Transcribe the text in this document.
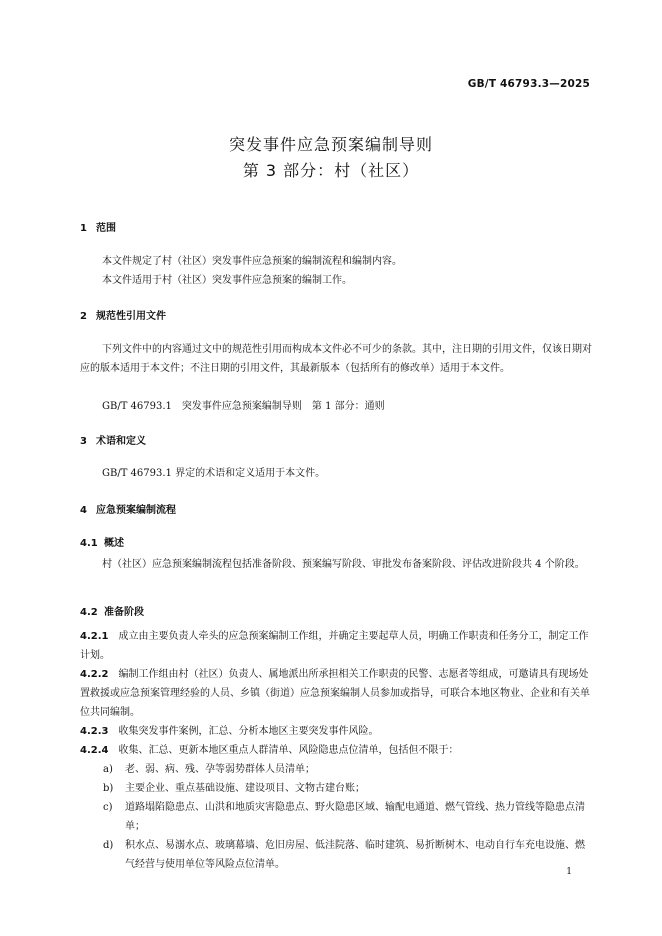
GB/T 46793.3—2025
突发事件应急预案编制导则
第 3 部分：村（社区）
1 范围
本文件规定了村（社区）突发事件应急预案的编制流程和编制内容。
本文件适用于村（社区）突发事件应急预案的编制工作。
2 规范性引用文件
下列文件中的内容通过文中的规范性引用而构成本文件必不可少的条款。其中，注日期的引用文件，仅该日期对应的版本适用于本文件；不注日期的引用文件，其最新版本（包括所有的修改单）适用于本文件。
GB/T 46793.1　突发事件应急预案编制导则　第 1 部分：通则
3 术语和定义
GB/T 46793.1 界定的术语和定义适用于本文件。
4 应急预案编制流程
4.1 概述
村（社区）应急预案编制流程包括准备阶段、预案编写阶段、审批发布备案阶段、评估改进阶段共 4 个阶段。
4.2 准备阶段
4.2.1 成立由主要负责人牵头的应急预案编制工作组，并确定主要起草人员，明确工作职责和任务分工，制定工作计划。
4.2.2 编制工作组由村（社区）负责人、属地派出所承担相关工作职责的民警、志愿者等组成，可邀请具有现场处置救援或应急预案管理经验的人员、乡镇（街道）应急预案编制人员参加或指导，可联合本地区物业、企业和有关单位共同编制。
4.2.3 收集突发事件案例，汇总、分析本地区主要突发事件风险。
4.2.4 收集、汇总、更新本地区重点人群清单、风险隐患点位清单，包括但不限于：
a)	老、弱、病、残、孕等弱势群体人员清单；
b)	主要企业、重点基础设施、建设项目、文物古建台账；
c)	道路塌陷隐患点、山洪和地质灾害隐患点、野火隐患区域、输配电通道、燃气管线、热力管线等隐患点清单；
d)	积水点、易溺水点、玻璃幕墙、危旧房屋、低洼院落、临时建筑、易折断树木、电动自行车充电设施、燃气经营与使用单位等风险点位清单。
1
